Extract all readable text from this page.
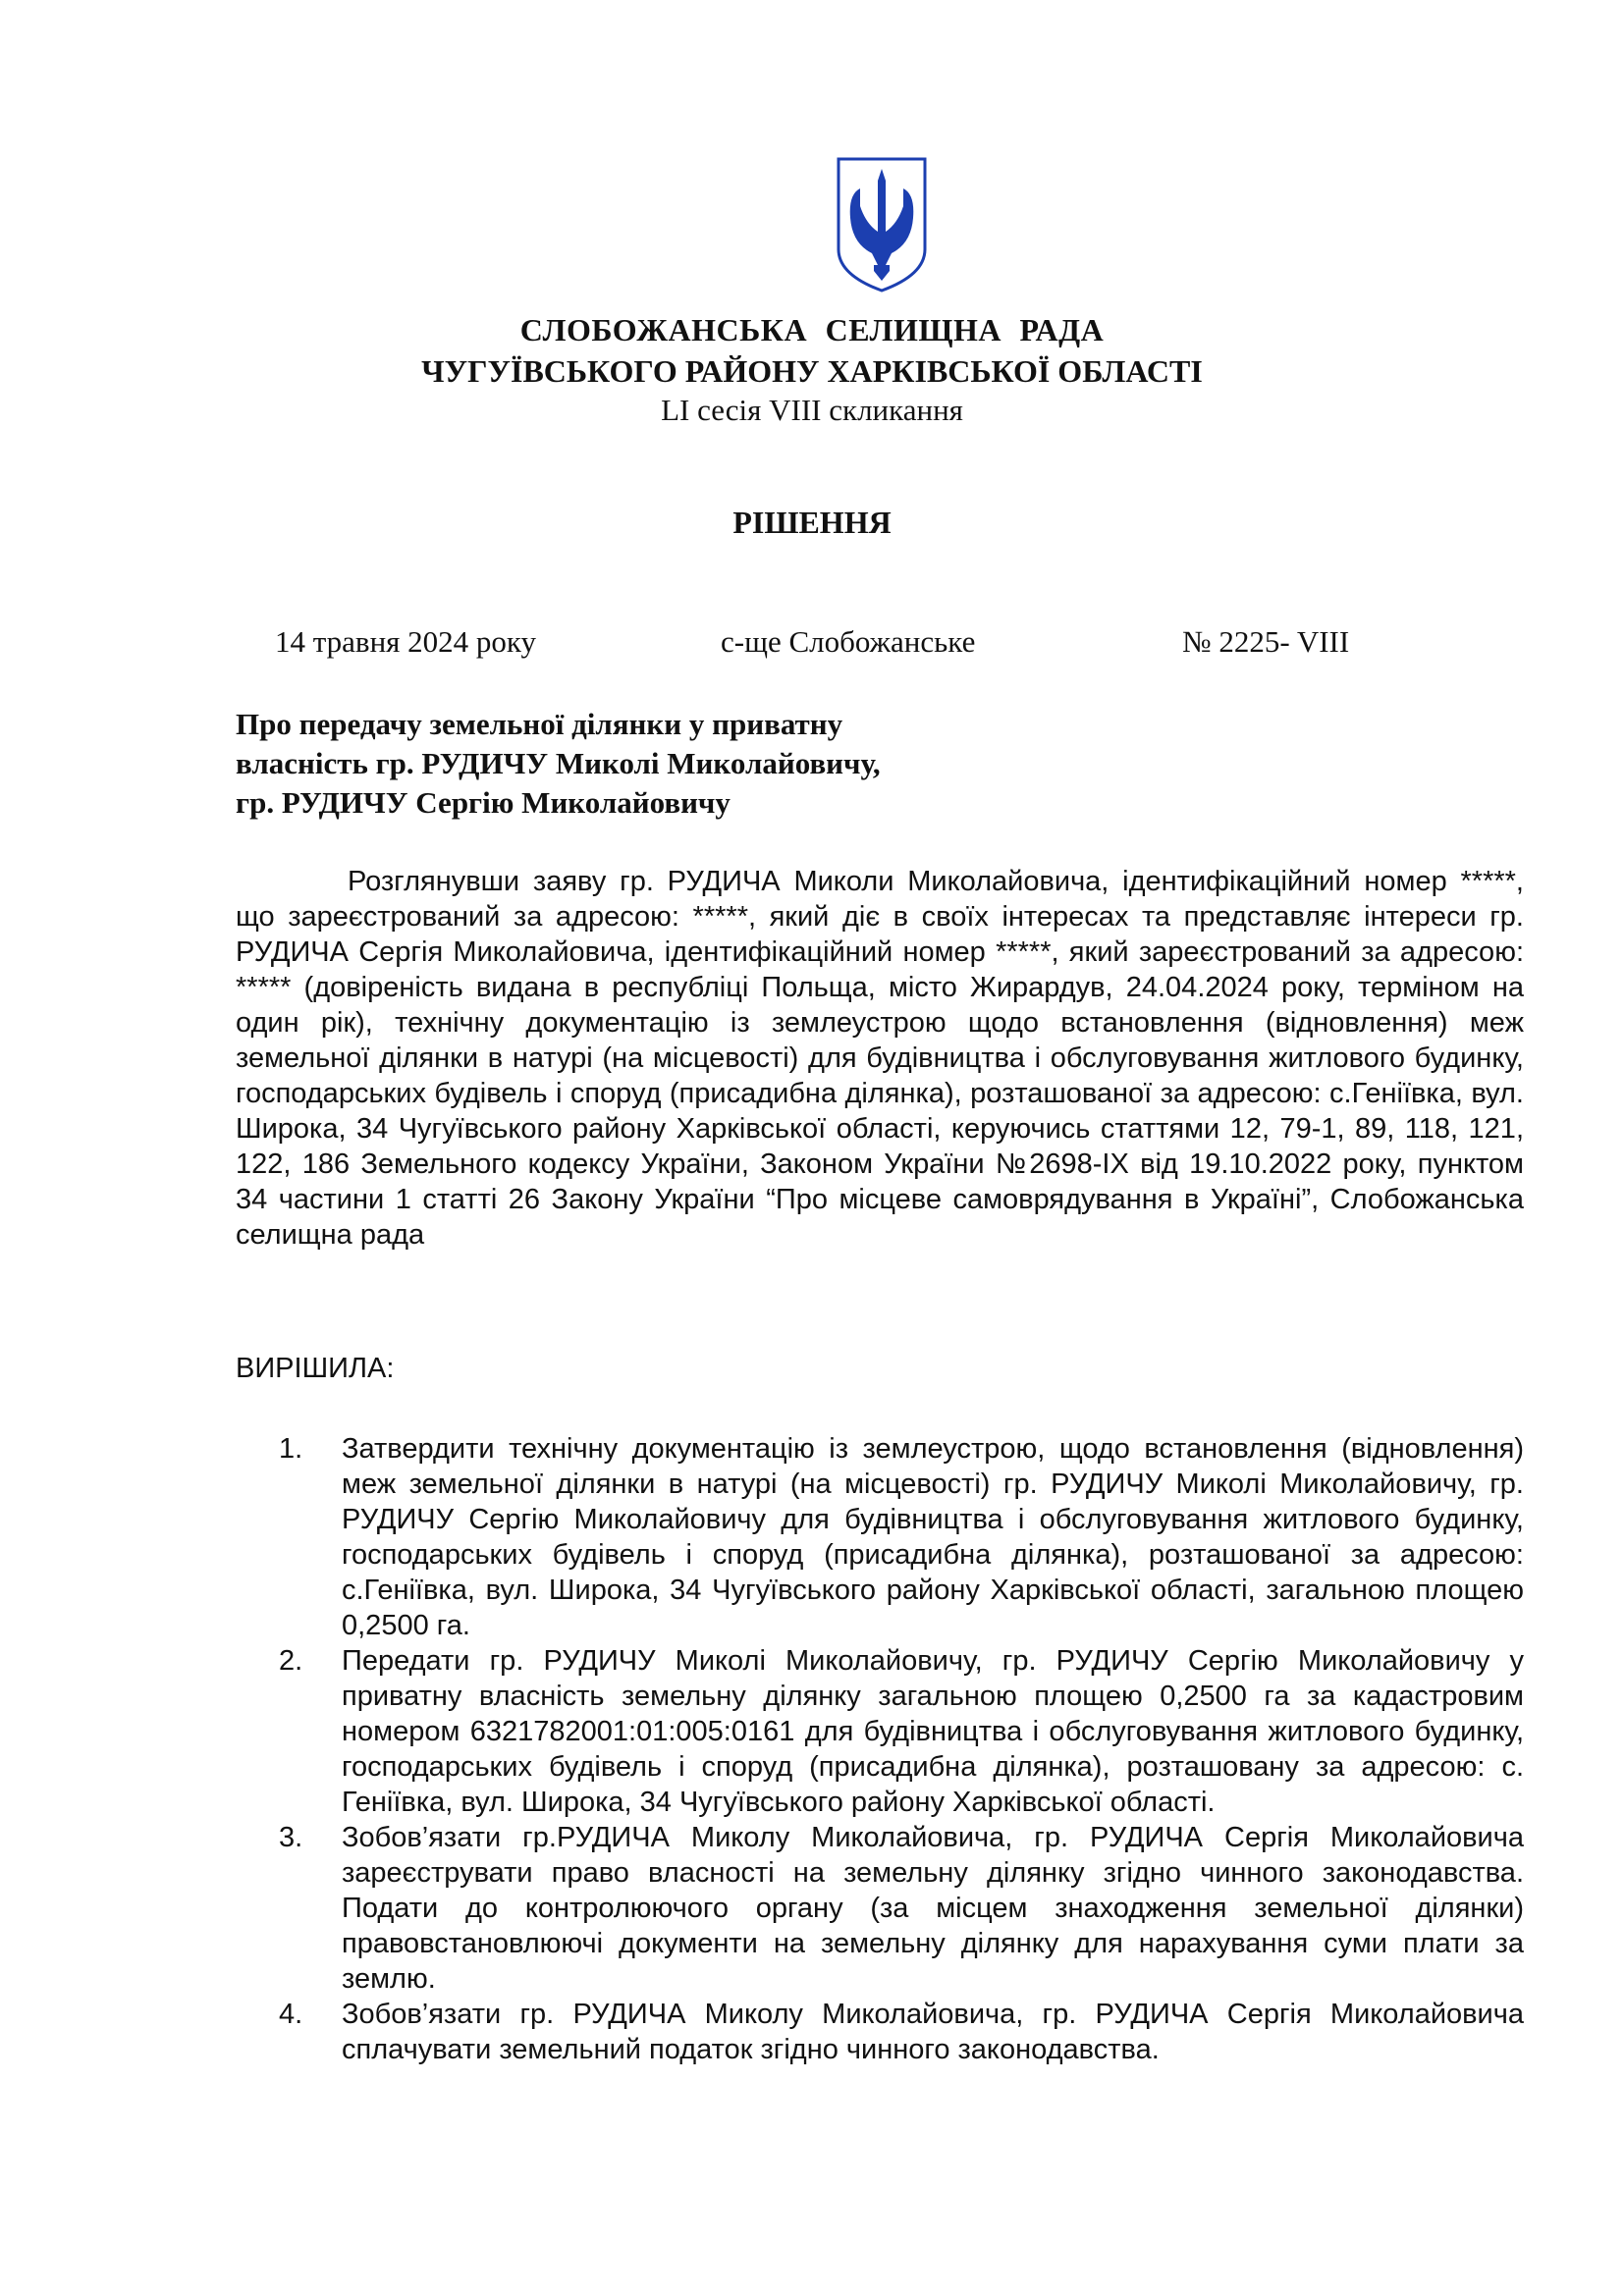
СЛОБОЖАНСЬКА СЕЛИЩНА РАДА
ЧУГУЇВСЬКОГО РАЙОНУ ХАРКІВСЬКОЇ ОБЛАСТІ
LI сесія VIII скликання
РІШЕННЯ
14 травня 2024 року	с-ще Слобожанське	№ 2225- VIII
Про передачу земельної ділянки у приватну
власність гр. РУДИЧУ Миколі Миколайовичу,
гр. РУДИЧУ Сергію Миколайовичу

Розглянувши заяву гр. РУДИЧА Миколи Миколайовича, ідентифікаційний номер *****, що зареєстрований за адресою: *****, який діє в своїх інтересах та представляє інтереси гр. РУДИЧА Сергія Миколайовича, ідентифікаційний номер *****, який зареєстрований за адресою: ***** (довіреність видана в республіці Польща, місто Жирардув, 24.04.2024 року, терміном на один рік), технічну документацію із землеустрою щодо встановлення (відновлення) меж земельної ділянки в натурі (на місцевості) для будівництва і обслуговування житлового будинку, господарських будівель і споруд (присадибна ділянка), розташованої за адресою: с.Геніївка, вул. Широка, 34 Чугуївського району Харківської області, керуючись статтями 12, 79-1, 89, 118, 121, 122, 186 Земельного кодексу України, Законом України №2698-IX від 19.10.2022 року, пунктом 34 частини 1 статті 26 Закону України “Про місцеве самоврядування в Україні”, Слобожанська селищна рада

ВИРІШИЛА:
1. Затвердити технічну документацію із землеустрою, щодо встановлення (відновлення) меж земельної ділянки в натурі (на місцевості) гр. РУДИЧУ Миколі Миколайовичу, гр. РУДИЧУ Сергію Миколайовичу для будівництва і обслуговування житлового будинку, господарських будівель і споруд (присадибна ділянка), розташованої за адресою: с.Геніївка, вул. Широка, 34 Чугуївського району Харківської області, загальною площею 0,2500 га.
2. Передати гр. РУДИЧУ Миколі Миколайовичу, гр. РУДИЧУ Сергію Миколайовичу у приватну власність земельну ділянку загальною площею 0,2500 га за кадастровим номером 6321782001:01:005:0161 для будівництва і обслуговування житлового будинку, господарських будівель і споруд (присадибна ділянка), розташовану за адресою: с. Геніївка, вул. Широка, 34 Чугуївського району Харківської області.
3. Зобов’язати гр.РУДИЧА Миколу Миколайовича, гр. РУДИЧА Сергія Миколайовича зареєструвати право власності на земельну ділянку згідно чинного законодавства. Подати до контролюючого органу (за місцем знаходження земельної ділянки) правовстановлюючі документи на земельну ділянку для нарахування суми плати за землю.
4. Зобов’язати гр. РУДИЧА Миколу Миколайовича, гр. РУДИЧА Сергія Миколайовича сплачувати земельний податок згідно чинного законодавства.
